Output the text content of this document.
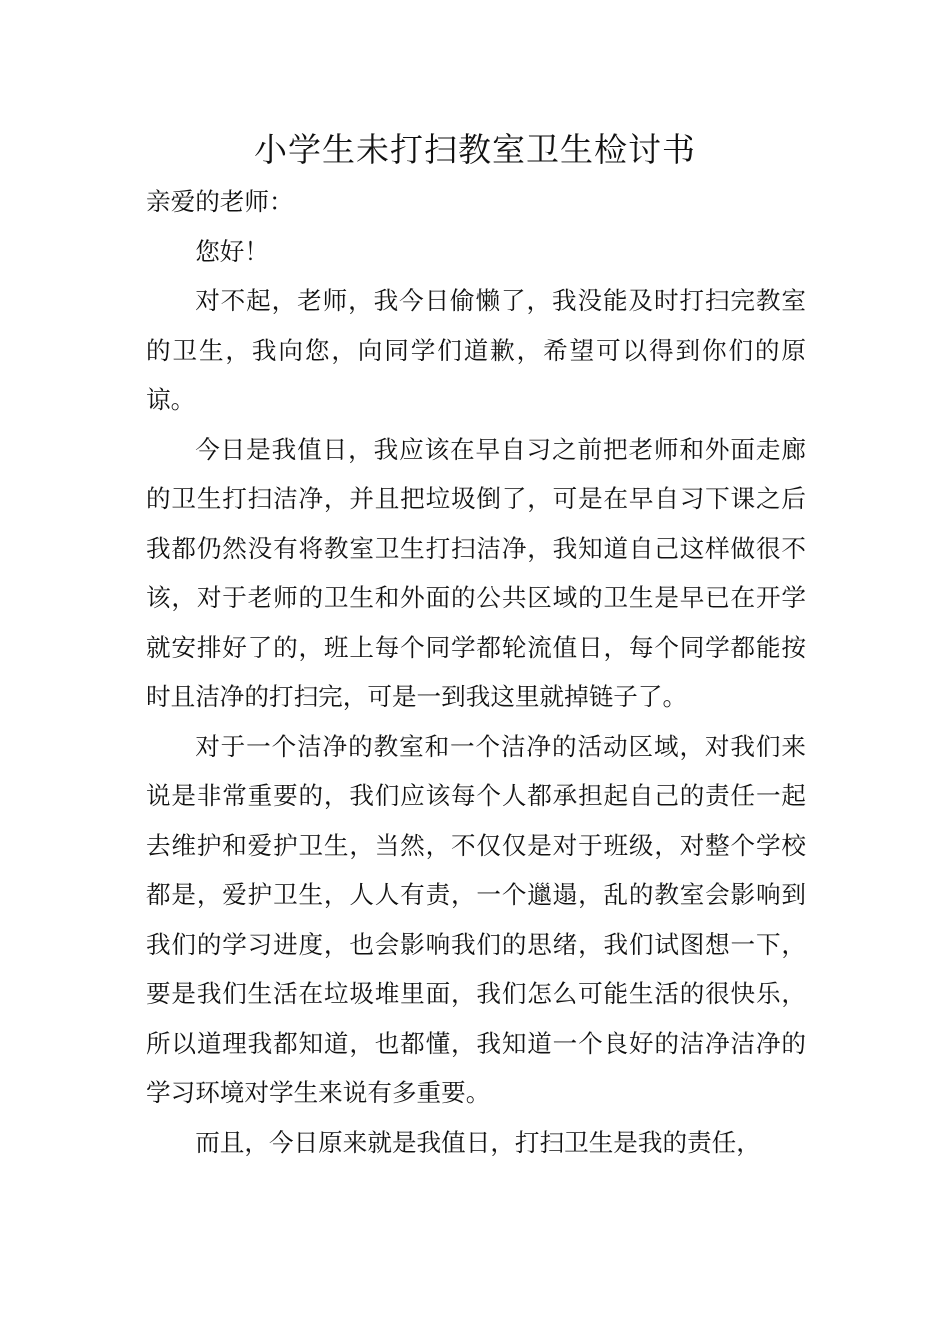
小学生未打扫教室卫生检讨书

亲爱的老师：

您好！

对不起，老师，我今日偷懒了，我没能及时打扫完教室的卫生，我向您，向同学们道歉，希望可以得到你们的原谅。

今日是我值日，我应该在早自习之前把老师和外面走廊的卫生打扫洁净，并且把垃圾倒了，可是在早自习下课之后我都仍然没有将教室卫生打扫洁净，我知道自己这样做很不该，对于老师的卫生和外面的公共区域的卫生是早已在开学就安排好了的，班上每个同学都轮流值日，每个同学都能按时且洁净的打扫完，可是一到我这里就掉链子了。

对于一个洁净的教室和一个洁净的活动区域，对我们来说是非常重要的，我们应该每个人都承担起自己的责任一起去维护和爱护卫生，当然，不仅仅是对于班级，对整个学校都是，爱护卫生，人人有责，一个邋遢，乱的教室会影响到我们的学习进度，也会影响我们的思绪，我们试图想一下，要是我们生活在垃圾堆里面，我们怎么可能生活的很快乐，所以道理我都知道，也都懂，我知道一个良好的洁净洁净的学习环境对学生来说有多重要。

而且，今日原来就是我值日，打扫卫生是我的责任，
